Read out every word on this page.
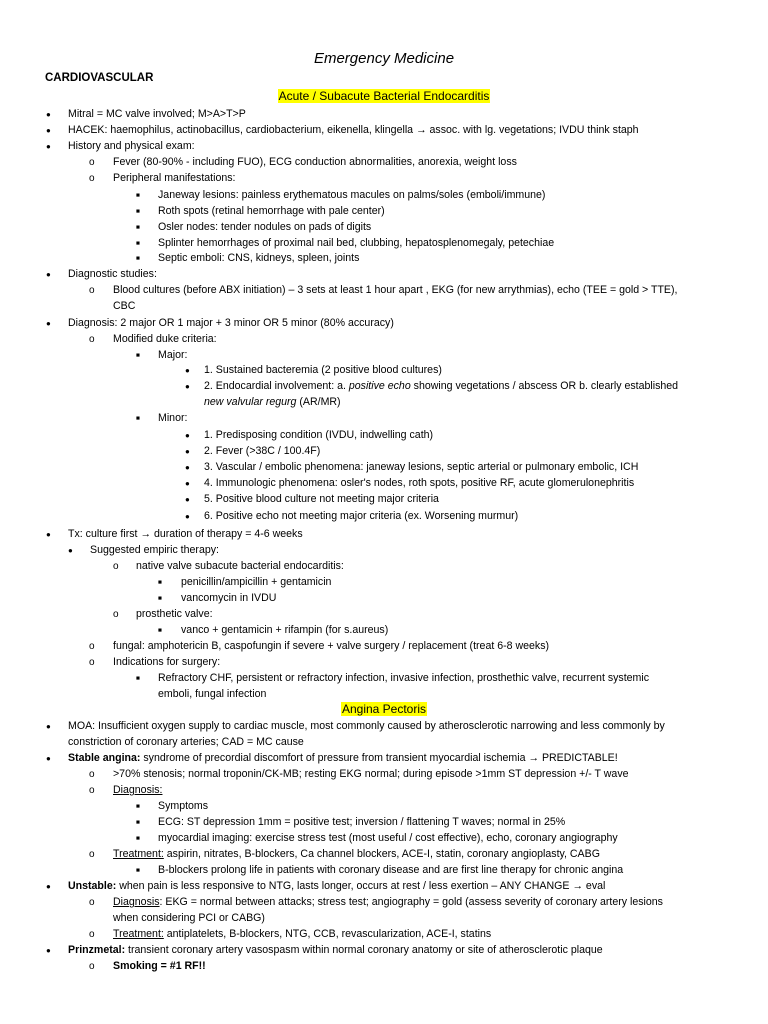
Emergency Medicine
CARDIOVASCULAR
Acute / Subacute Bacterial Endocarditis
● Mitral = MC valve involved; M>A>T>P
● HACEK: haemophilus, actinobacillus, cardiobacterium, eikenella, klingella → assoc. with lg. vegetations; IVDU think staph
● History and physical exam:
o Fever (80-90% - including FUO), ECG conduction abnormalities, anorexia, weight loss
o Peripheral manifestations:
■ Janeway lesions: painless erythematous macules on palms/soles (emboli/immune)
■ Roth spots (retinal hemorrhage with pale center)
■ Osler nodes: tender nodules on pads of digits
■ Splinter hemorrhages of proximal nail bed, clubbing, hepatosplenomegaly, petechiae
■ Septic emboli: CNS, kidneys, spleen, joints
● Diagnostic studies:
o Blood cultures (before ABX initiation) – 3 sets at least 1 hour apart , EKG (for new arrythmias), echo (TEE = gold > TTE),
CBC
● Diagnosis: 2 major OR 1 major + 3 minor OR 5 minor (80% accuracy)
o Modified duke criteria:
■ Major:
● 1. Sustained bacteremia (2 positive blood cultures)
● 2. Endocardial involvement: a. positive echo showing vegetations / abscess OR b. clearly established
new valvular regurg (AR/MR)
■ Minor:
● 1. Predisposing condition (IVDU, indwelling cath)
● 2. Fever (>38C / 100.4F)
● 3. Vascular / embolic phenomena: janeway lesions, septic arterial or pulmonary embolic, ICH
● 4. Immunologic phenomena: osler's nodes, roth spots, positive RF, acute glomerulonephritis
● 5. Positive blood culture not meeting major criteria
● 6. Positive echo not meeting major criteria (ex. Worsening murmur)
● Tx: culture first → duration of therapy = 4-6 weeks
● Suggested empiric therapy:
o native valve subacute bacterial endocarditis:
■ penicillin/ampicillin + gentamicin
■ vancomycin in IVDU
o prosthetic valve:
■ vanco + gentamicin + rifampin (for s.aureus)
o fungal: amphotericin B, caspofungin if severe + valve surgery / replacement (treat 6-8 weeks)
o Indications for surgery:
■ Refractory CHF, persistent or refractory infection, invasive infection, prosthethic valve, recurrent systemic
emboli, fungal infection
Angina Pectoris
● MOA: Insufficient oxygen supply to cardiac muscle, most commonly caused by atherosclerotic narrowing and less commonly by
constriction of coronary arteries; CAD = MC cause
● Stable angina: syndrome of precordial discomfort of pressure from transient myocardial ischemia → PREDICTABLE!
o >70% stenosis; normal troponin/CK-MB; resting EKG normal; during episode >1mm ST depression +/- T wave
o Diagnosis:
■ Symptoms
■ ECG: ST depression 1mm = positive test; inversion / flattening T waves; normal in 25%
■ myocardial imaging: exercise stress test (most useful / cost effective), echo, coronary angiography
o Treatment: aspirin, nitrates, B-blockers, Ca channel blockers, ACE-I, statin, coronary angioplasty, CABG
■ B-blockers prolong life in patients with coronary disease and are first line therapy for chronic angina
● Unstable: when pain is less responsive to NTG, lasts longer, occurs at rest / less exertion – ANY CHANGE → eval
o Diagnosis: EKG = normal between attacks; stress test; angiography = gold (assess severity of coronary artery lesions
when considering PCI or CABG)
o Treatment: antiplatelets, B-blockers, NTG, CCB, revascularization, ACE-I, statins
● Prinzmetal: transient coronary artery vasospasm within normal coronary anatomy or site of atherosclerotic plaque
o Smoking = #1 RF!!
